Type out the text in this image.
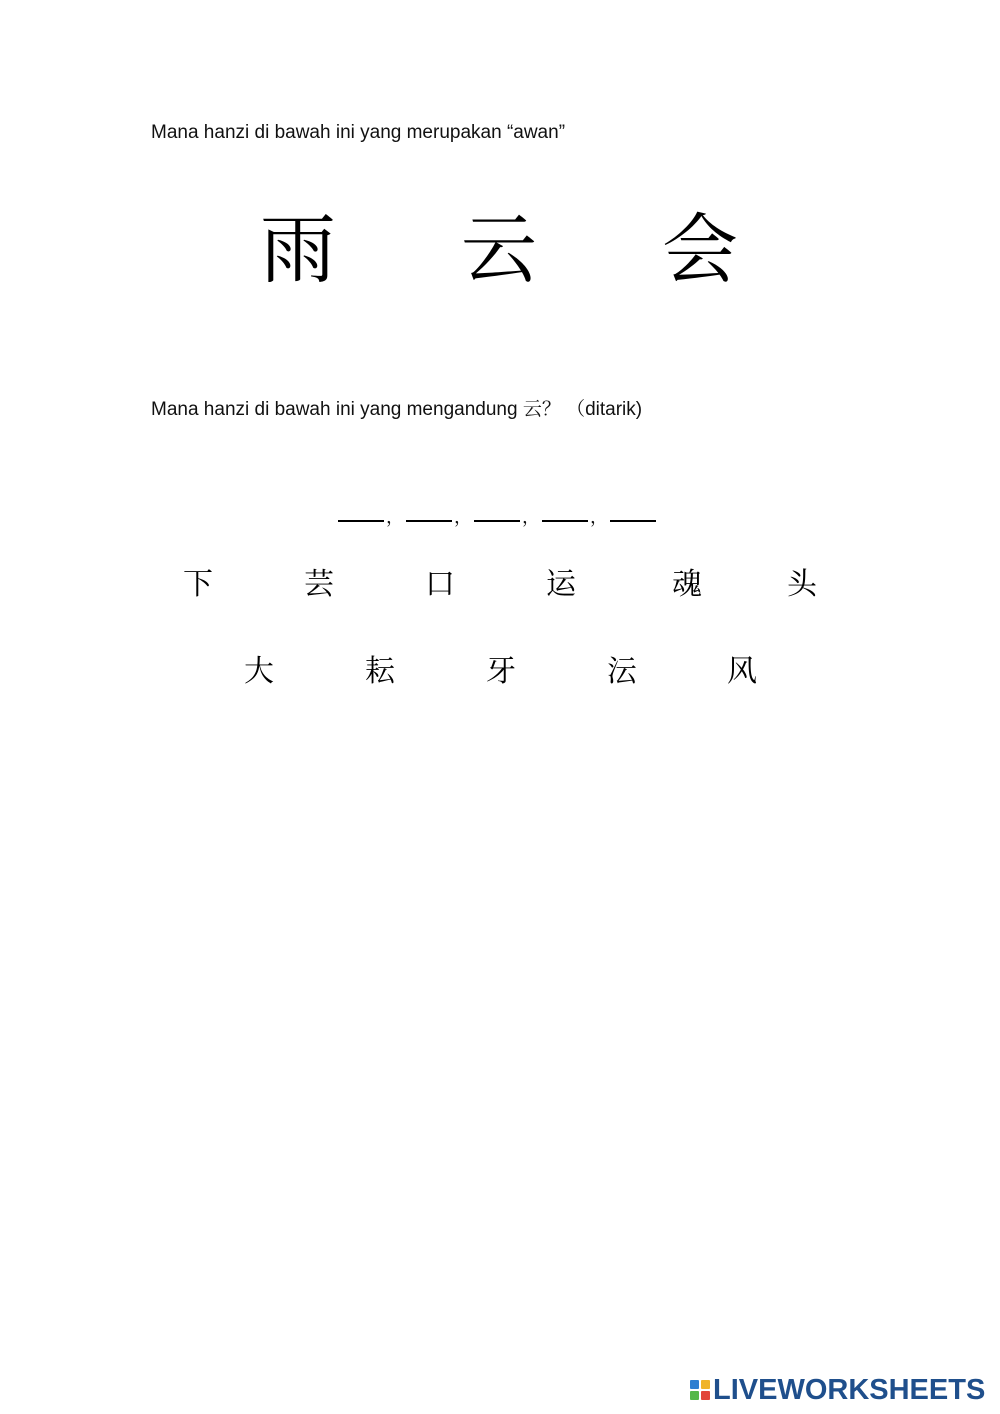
Mana hanzi di bawah ini yang merupakan “awan”
雨 云 会
Mana hanzi di bawah ini yang mengandung 云？ （ditarik)
，	，	，	，
下	芸	口	运	魂	头
大	耘	牙	沄	风
LIVEWORKSHEETS
